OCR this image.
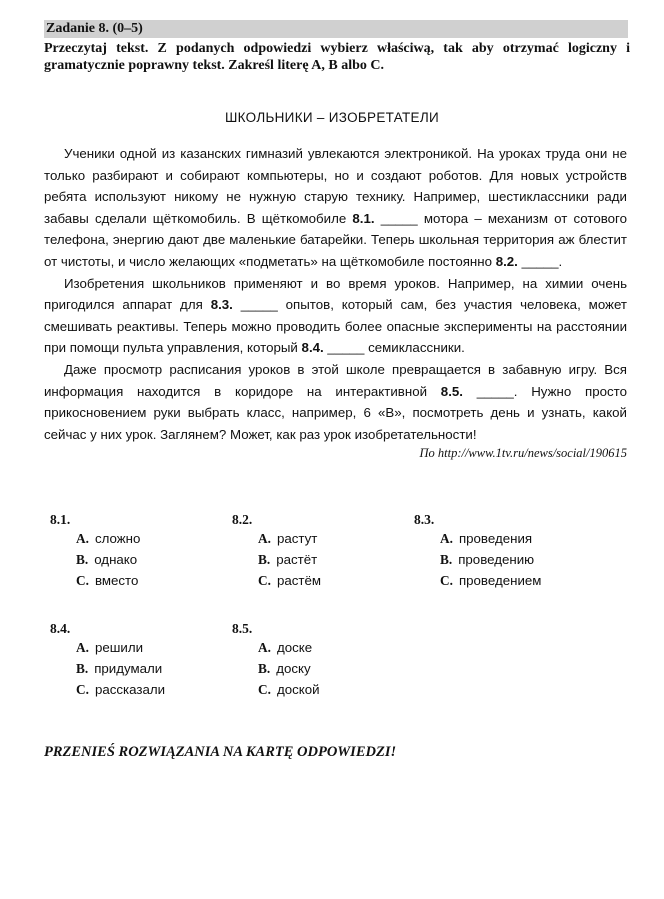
Zadanie 8. (0–5)
Przeczytaj tekst. Z podanych odpowiedzi wybierz właściwą, tak aby otrzymać logiczny i gramatycznie poprawny tekst. Zakreśl literę A, B albo C.
ШКОЛЬНИКИ – ИЗОБРЕТАТЕЛИ

Ученики одной из казанских гимназий увлекаются электроникой. На уроках труда они не только разбирают и собирают компьютеры, но и создают роботов. Для новых устройств ребята используют никому не нужную старую технику. Например, шестиклассники ради забавы сделали щёткомобиль. В щёткомобиле 8.1. _____ мотора – механизм от сотового телефона, энергию дают две маленькие батарейки. Теперь школьная территория аж блестит от чистоты, и число желающих «подметать» на щёткомобиле постоянно 8.2. _____.

Изобретения школьников применяют и во время уроков. Например, на химии очень пригодился аппарат для 8.3. _____ опытов, который сам, без участия человека, может смешивать реактивы. Теперь можно проводить более опасные эксперименты на расстоянии при помощи пульта управления, который 8.4. _____ семиклассники.

Даже просмотр расписания уроков в этой школе превращается в забавную игру. Вся информация находится в коридоре на интерактивной 8.5. _____. Нужно просто прикосновением руки выбрать класс, например, 6 «В», посмотреть день и узнать, какой сейчас у них урок. Заглянем? Может, как раз урок изобретательности!

По http://www.1tv.ru/news/social/190615
8.1.
A. сложно
B. однако
C. вместо
8.2.
A. растут
B. растёт
C. растём
8.3.
A. проведения
B. проведению
C. проведением
8.4.
A. решили
B. придумали
C. рассказали
8.5.
A. доске
B. доску
C. доской
PRZENIEŚ ROZWIĄZANIA NA KARTĘ ODPOWIEDZI!
